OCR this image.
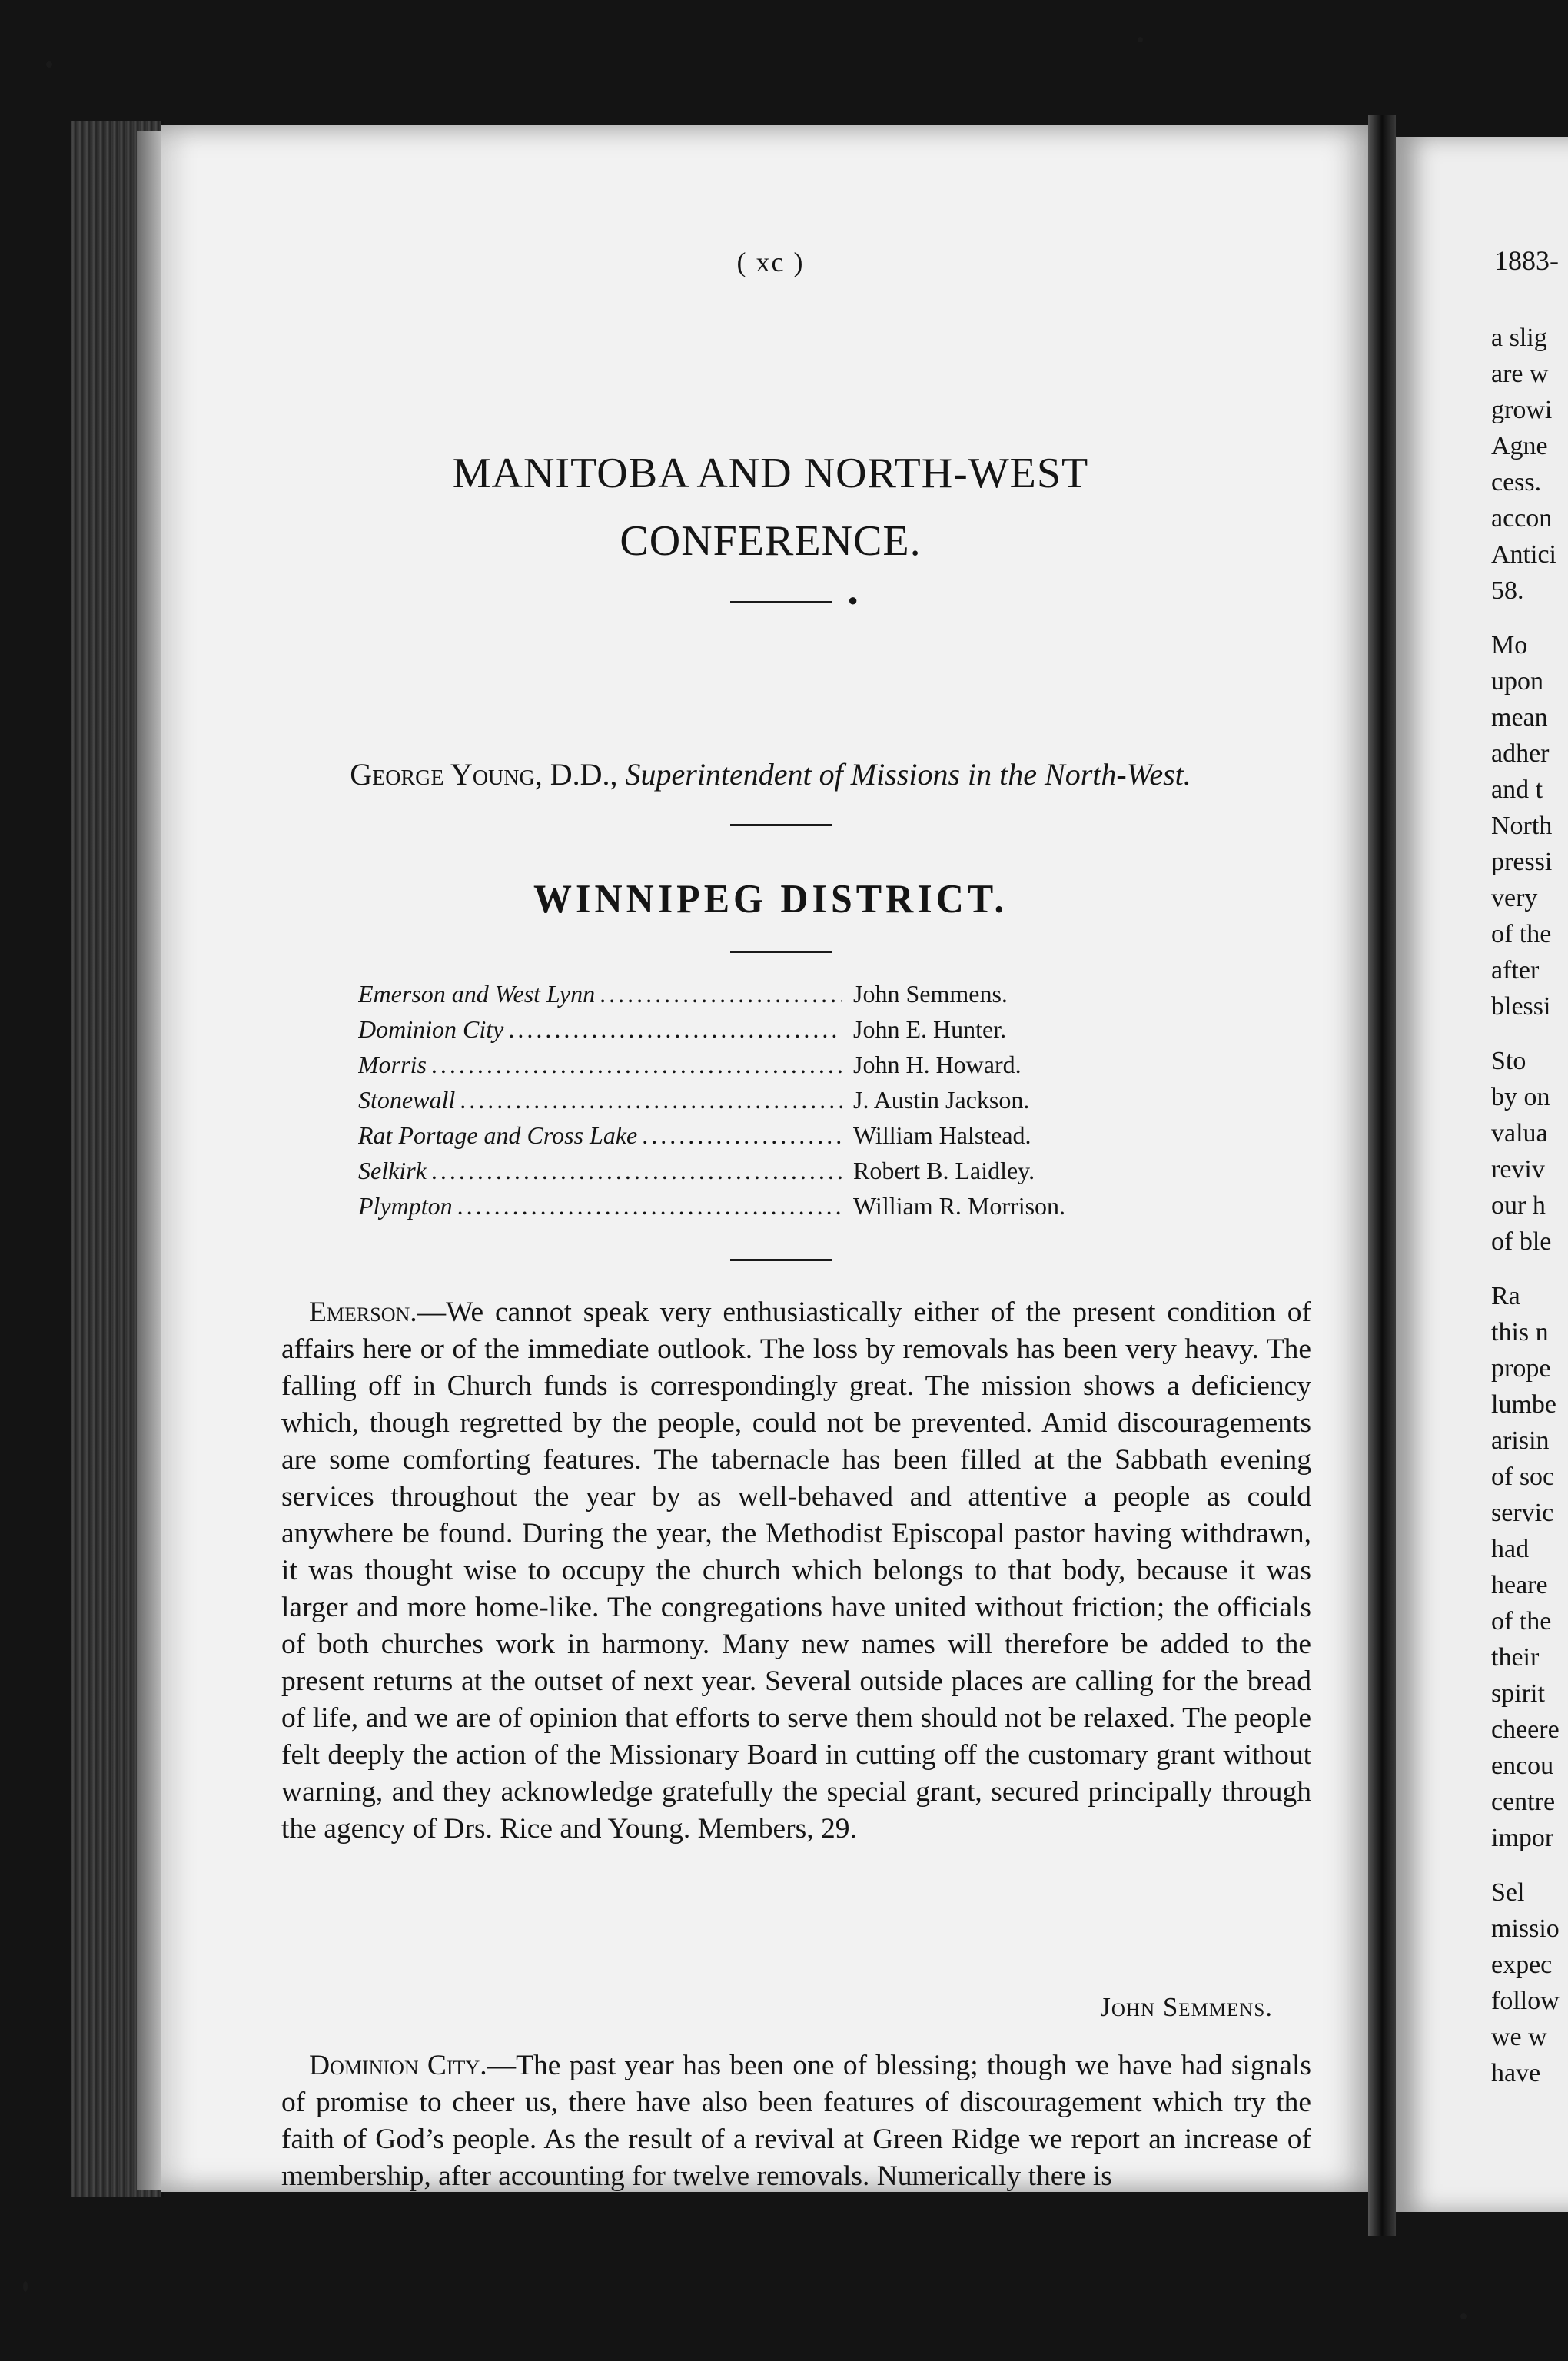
( xc )
MANITOBA AND NORTH-WEST
CONFERENCE.
●
George Young, D.D., Superintendent of Missions in the North-West.
WINNIPEG DISTRICT.
Emerson and West Lynn . . .	John Semmens.
Dominion City . . .	John E. Hunter.
Morris . . .	John H. Howard.
Stonewall . . .	J. Austin Jackson.
Rat Portage and Cross Lake . . .	William Halstead.
Selkirk . . .	Robert B. Laidley.
Plympton . . .	William R. Morrison.

Emerson.—We cannot speak very enthusiastically either of the present condition of affairs here or of the immediate outlook. The loss by removals has been very heavy. The falling off in Church funds is correspondingly great. The mission shows a deficiency which, though regretted by the people, could not be prevented. Amid discouragements are some comforting features. The tabernacle has been filled at the Sabbath evening services throughout the year by as well-behaved and attentive a people as could anywhere be found. During the year, the Methodist Episcopal pastor having withdrawn, it was thought wise to occupy the church which belongs to that body, because it was larger and more home-like. The congregations have united without friction; the officials of both churches work in harmony. Many new names will therefore be added to the present returns at the outset of next year. Several outside places are calling for the bread of life, and we are of opinion that efforts to serve them should not be relaxed. The people felt deeply the action of the Missionary Board in cutting off the customary grant without warning, and they acknowledge gratefully the special grant, secured principally through the agency of Drs. Rice and Young. Members, 29.

John Semmens.

Dominion City.—The past year has been one of blessing; though we have had signals of promise to cheer us, there have also been features of discouragement which try the faith of God’s people. As the result of a revival at Green Ridge we report an increase of membership, after accounting for twelve removals. Numerically there is

1883-
a slig
are w
growi
Agne
cess.
accon
Antici
58.
Mo
upon
mean
adher
and t
North
pressi
very
of the
after
blessi
Sto
by on
valua
reviv
our h
of ble
Ra
this n
prope
lumbe
arisin
of soc
servic
had
heare
of the
their
spirit
cheere
encou
centre
impor
Sel
missio
expec
follow
we w
have
